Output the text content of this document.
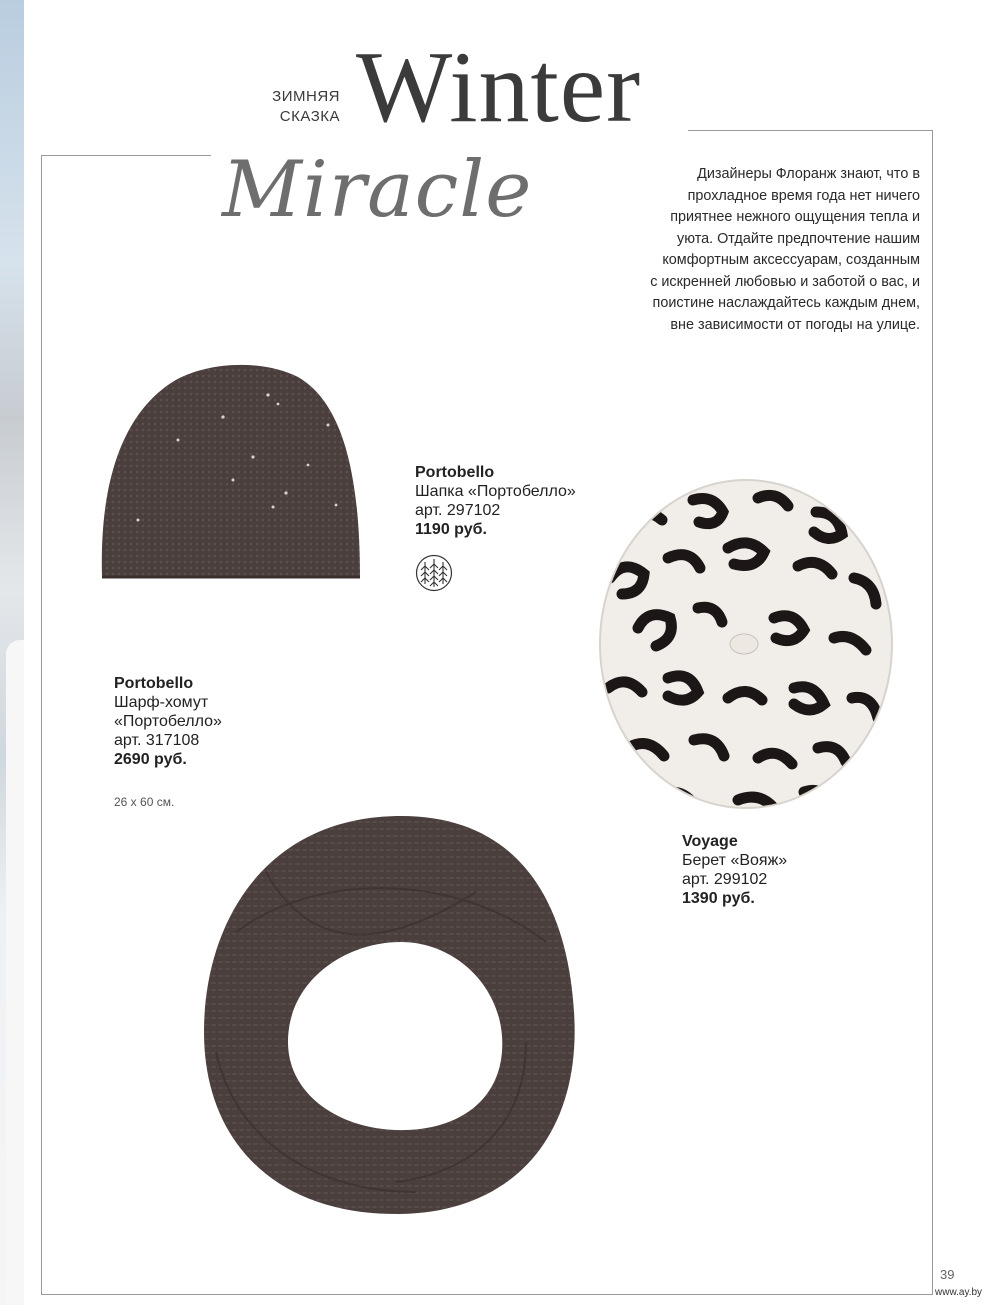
ЗИМНЯЯ
СКАЗКА Winter
Miracle	Дизайнеры Флоранж знают, что в
прохладное время года нет ничего
приятнее нежного ощущения тепла и
уюта. Отдайте предпочтение нашим
комфортным аксессуарам, созданным
с искренней любовью и заботой о вас, и
поистине наслаждайтесь каждым днем,
вне зависимости от погоды на улице.
Portobello
Шапка «Портобелло»
арт. 297102
1190 руб.
Voyage
Берет «Вояж»
арт. 299102
1390 руб.
Portobello
Шарф-хомут
«Портобелло»
арт. 317108
2690 руб.
26 х 60 см.
39
www.ay.by
